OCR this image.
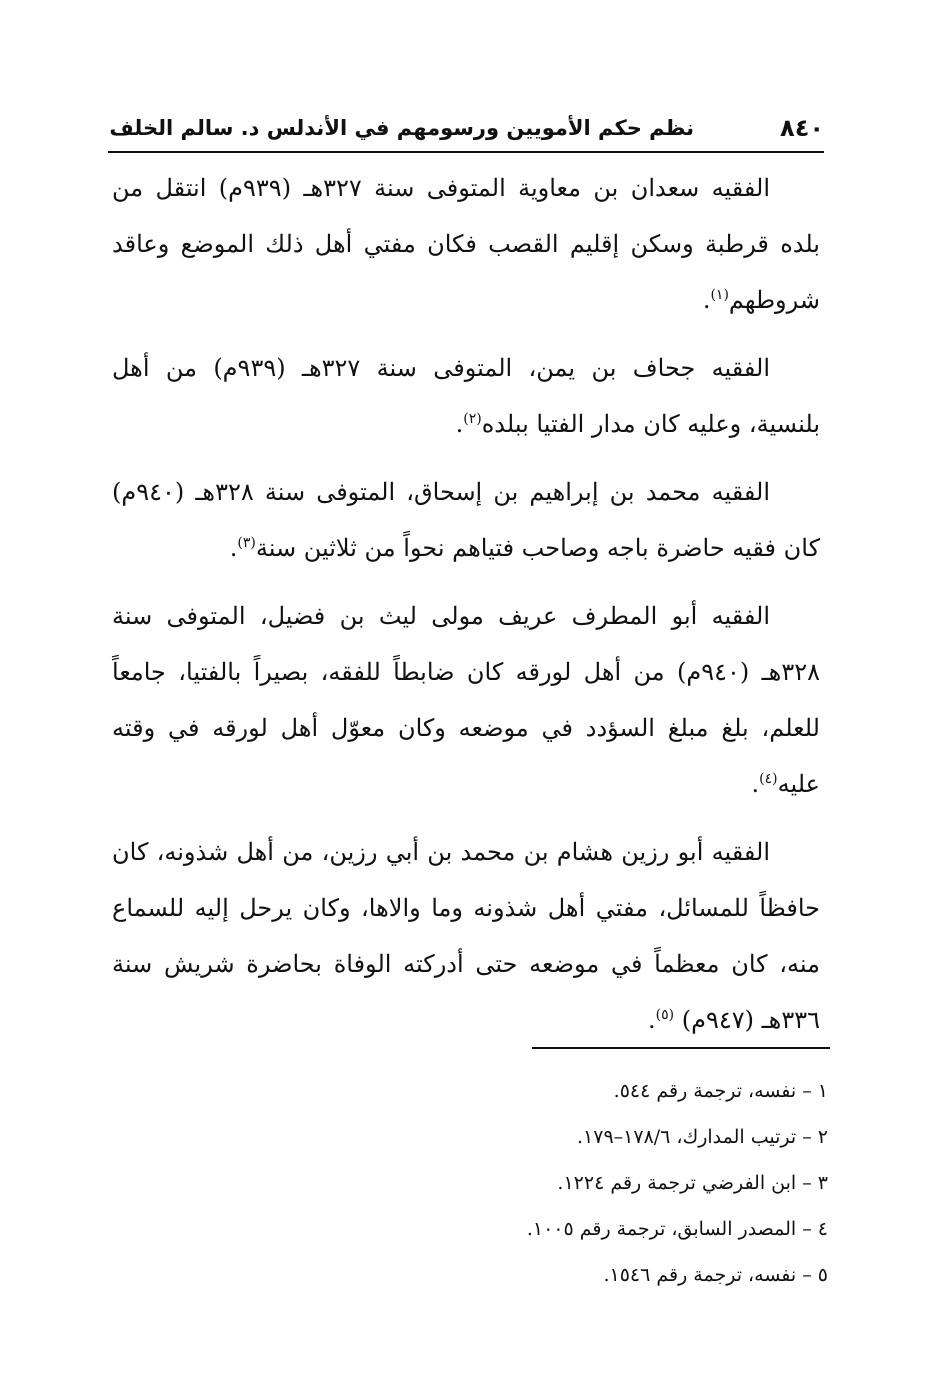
٨٤٠
نظم حكم الأمويين ورسومهم في الأندلس د. سالم الخلف

الفقيه سعدان بن معاوية المتوفى سنة ٣٢٧هـ (٩٣٩م) انتقل من بلده قرطبة وسكن إقليم القصب فكان مفتي أهل ذلك الموضع وعاقد شروطهم$^{(١)}$.

الفقيه جحاف بن يمن، المتوفى سنة ٣٢٧هـ (٩٣٩م) من أهل بلنسية، وعليه كان مدار الفتيا ببلده$^{(٢)}$.

الفقيه محمد بن إبراهيم بن إسحاق، المتوفى سنة ٣٢٨هـ (٩٤٠م) كان فقيه حاضرة باجه وصاحب فتياهم نحواً من ثلاثين سنة$^{(٣)}$.

الفقيه أبو المطرف عريف مولى ليث بن فضيل، المتوفى سنة ٣٢٨هـ (٩٤٠م) من أهل لورقه كان ضابطاً للفقه، بصيراً بالفتيا، جامعاً للعلم، بلغ مبلغ السؤدد في موضعه وكان معوّل أهل لورقه في وقته عليه$^{(٤)}$.

الفقيه أبو رزين هشام بن محمد بن أبي رزين، من أهل شذونه، كان حافظاً للمسائل، مفتي أهل شذونه وما والاها، وكان يرحل إليه للسماع منه، كان معظماً في موضعه حتى أدركته الوفاة بحاضرة شريش سنة ٣٣٦هـ (٩٤٧م) $^{(٥)}$.

١ – نفسه، ترجمة رقم ٥٤٤.
٢ – ترتيب المدارك، ١٧٨/٦–١٧٩.
٣ – ابن الفرضي ترجمة رقم ١٢٢٤.
٤ – المصدر السابق، ترجمة رقم ١٠٠٥.
٥ – نفسه، ترجمة رقم ١٥٤٦.
